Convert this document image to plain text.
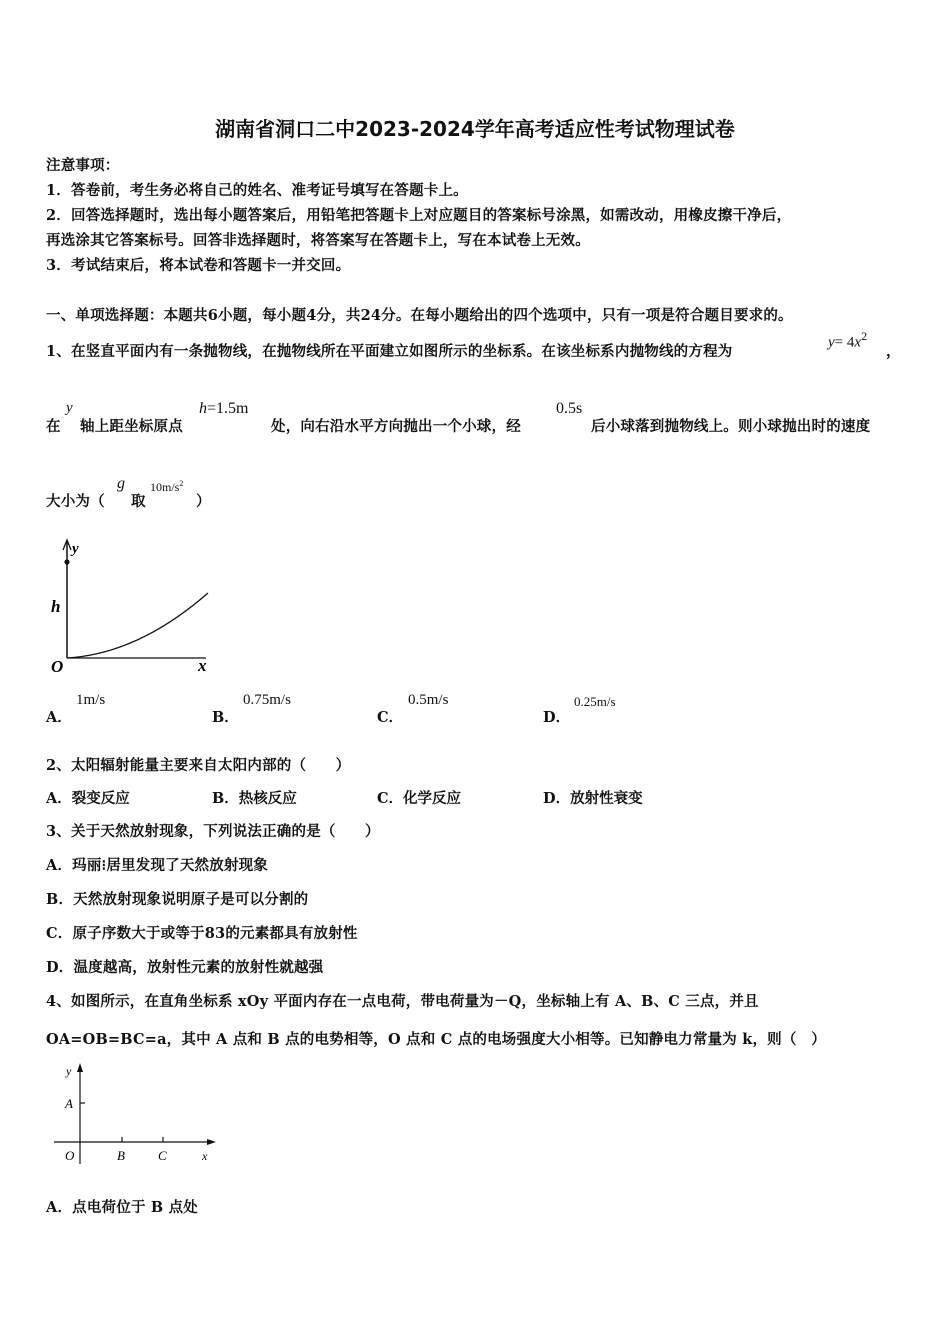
湖南省洞口二中2023-2024学年高考适应性考试物理试卷
注意事项：
1．答卷前，考生务必将自己的姓名、准考证号填写在答题卡上。
2．回答选择题时，选出每小题答案后，用铅笔把答题卡上对应题目的答案标号涂黑，如需改动，用橡皮擦干净后，
再选涂其它答案标号。回答非选择题时，将答案写在答题卡上，写在本试卷上无效。
3．考试结束后，将本试卷和答题卡一并交回。
一、单项选择题：本题共6小题，每小题4分，共24分。在每小题给出的四个选项中，只有一项是符合题目要求的。
1、在竖直平面内有一条抛物线，在抛物线所在平面建立如图所示的坐标系。在该坐标系内抛物线的方程为
$y= 4x^2$
，
在
y
轴上距坐标原点
h=1.5m
处，向右沿水平方向抛出一个小球，经
0.5s
后小球落到抛物线上。则小球抛出时的速度
大小为（
g
取
$10m/s^2$
）
y
h
O	x
A．
1m/s
B．
0.75m/s
C．
0.5m/s
D．
0.25m/s
2、太阳辐射能量主要来自太阳内部的（　　）
A．裂变反应	B．热核反应	C．化学反应	D．放射性衰变
3、关于天然放射现象，下列说法正确的是（　　）
A．玛丽⁝居里发现了天然放射现象
B．天然放射现象说明原子是可以分割的
C．原子序数大于或等于83的元素都具有放射性
D．温度越高，放射性元素的放射性就越强
4、如图所示，在直角坐标系 xOy 平面内存在一点电荷，带电荷量为－Q，坐标轴上有 A、B、C 三点，并且
OA=OB=BC=a，其中 A 点和 B 点的电势相等，O 点和 C 点的电场强度大小相等。已知静电力常量为 k，则（　）
y
A
O	B	C	x
A．点电荷位于 B 点处
